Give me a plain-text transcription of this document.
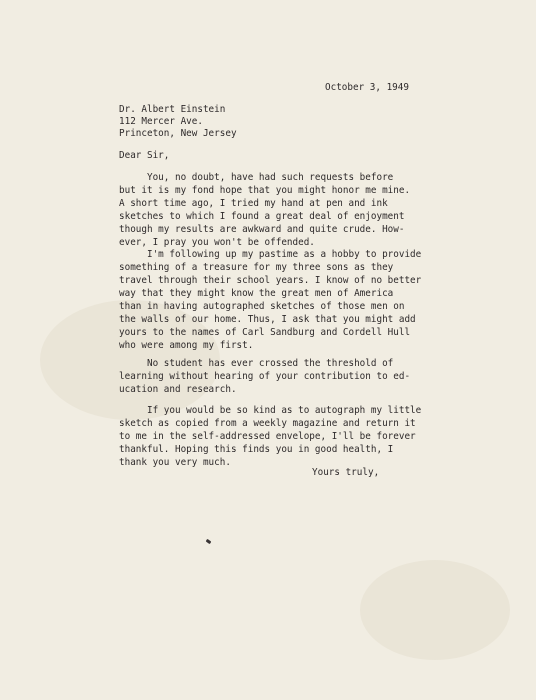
October 3, 1949
Dr. Albert Einstein
112 Mercer Ave.
Princeton, New Jersey
Dear Sir,
You, no doubt, have had such requests before
but it is my fond hope that you might honor me mine.
A short time ago, I tried my hand at pen and ink
sketches to which I found a great deal of enjoyment
though my results are awkward and quite crude. How-
ever, I pray you won't be offended.
I'm following up my pastime as a hobby to provide
something of a treasure for my three sons as they
travel through their school years. I know of no better
way that they might know the great men of America
than in having autographed sketches of those men on
the walls of our home. Thus, I ask that you might add
yours to the names of Carl Sandburg and Cordell Hull
who were among my first.
No student has ever crossed the threshold of
learning without hearing of your contribution to ed-
ucation and research.
If you would be so kind as to autograph my little
sketch as copied from a weekly magazine and return it
to me in the self-addressed envelope, I'll be forever
thankful. Hoping this finds you in good health, I
thank you very much.
Yours truly,
